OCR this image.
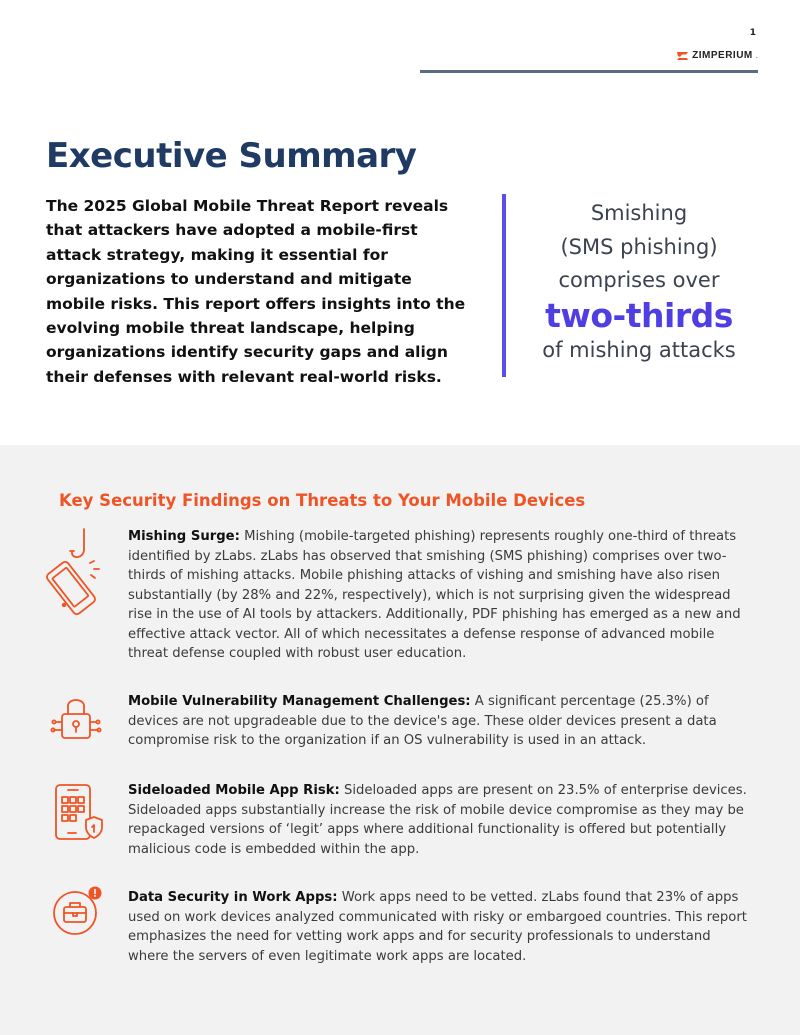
1
ZIMPERIUM .
Executive Summary

The 2025 Global Mobile Threat Report reveals that attackers have adopted a mobile-first attack strategy, making it essential for organizations to understand and mitigate mobile risks. This report offers insights into the evolving mobile threat landscape, helping organizations identify security gaps and align their defenses with relevant real-world risks.

Smishing
(SMS phishing)
comprises over
two-thirds
of mishing attacks
Key Security Findings on Threats to Your Mobile Devices
Mishing Surge: Mishing (mobile-targeted phishing) represents roughly one-third of threats identified by zLabs. zLabs has observed that smishing (SMS phishing) comprises over two-thirds of mishing attacks. Mobile phishing attacks of vishing and smishing have also risen substantially (by 28% and 22%, respectively), which is not surprising given the widespread rise in the use of AI tools by attackers. Additionally, PDF phishing has emerged as a new and effective attack vector. All of which necessitates a defense response of advanced mobile threat defense coupled with robust user education.
Mobile Vulnerability Management Challenges: A significant percentage (25.3%) of devices are not upgradeable due to the device's age. These older devices present a data compromise risk to the organization if an OS vulnerability is used in an attack.
Sideloaded Mobile App Risk: Sideloaded apps are present on 23.5% of enterprise devices. Sideloaded apps substantially increase the risk of mobile device compromise as they may be repackaged versions of ‘legit’ apps where additional functionality is offered but potentially malicious code is embedded within the app.
Data Security in Work Apps: Work apps need to be vetted. zLabs found that 23% of apps used on work devices analyzed communicated with risky or embargoed countries. This report emphasizes the need for vetting work apps and for security professionals to understand where the servers of even legitimate work apps are located.
